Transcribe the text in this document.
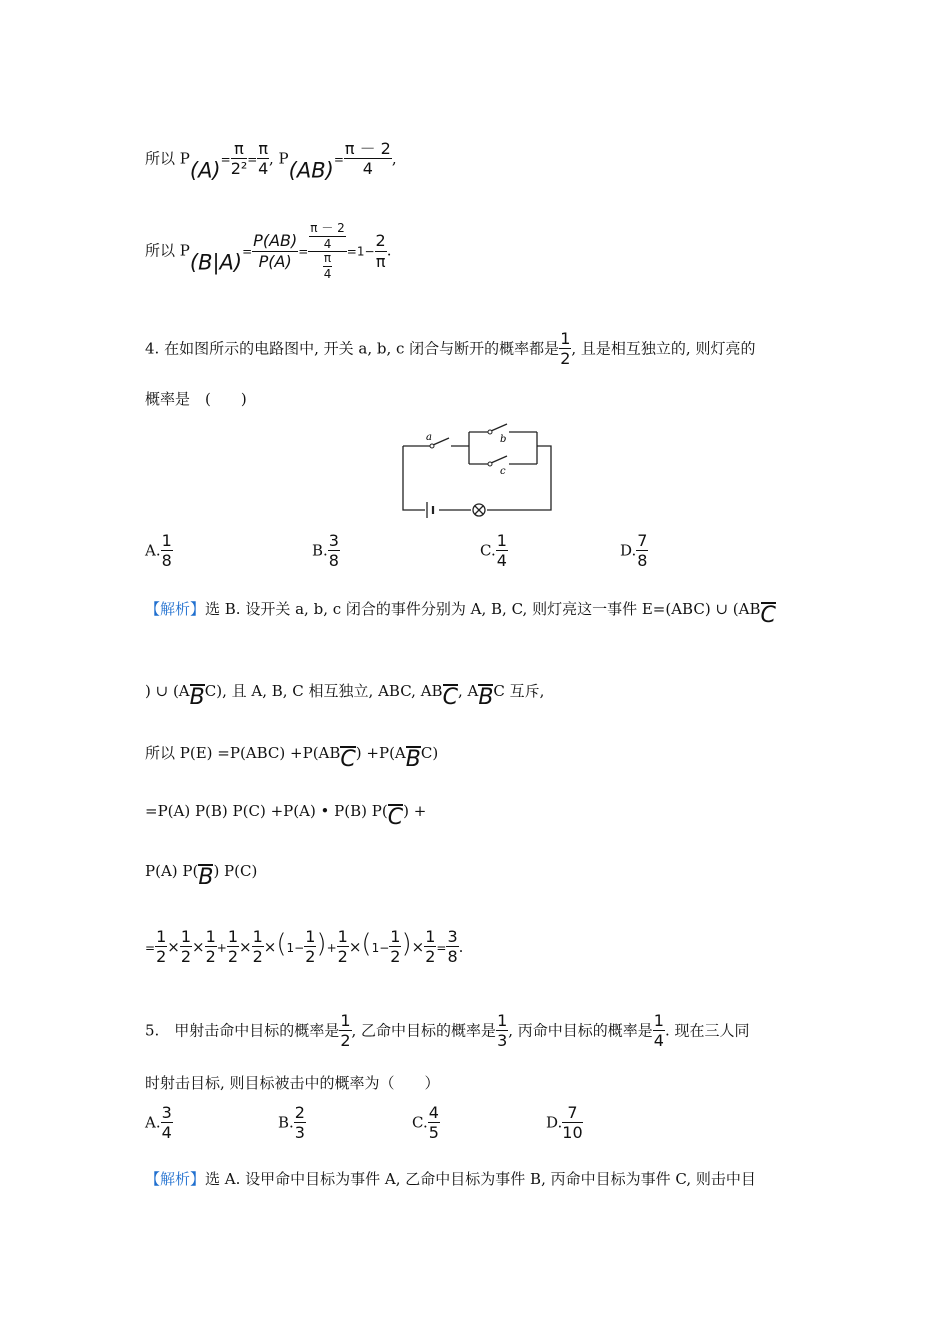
所以 $P(A)= \frac{\pi}{\text{2²}} = \frac{\pi}{4}$ , $P(AB)= \frac{\pi - 2}{4}$ ,
所以 $P(B|A)= \frac{P(AB)}{P(A)} = \frac{\frac{\pi - 2}{4}}{\frac{\pi}{4}} =1- \frac{2}{\pi}$ .
4. 在如图所示的电路图中, 开关 a, b, c 闭合与断开的概率都是 $\frac{1}{2}$ , 且是相互独立的, 则灯亮的
概率是　(　　)
a	b
c
A. $\frac{1}{8}$	B. $\frac{3}{8}$	C. $\frac{1}{4}$	D. $\frac{7}{8}$
【解析】选 B. 设开关 a, b, c 闭合的事件分别为 A, B, C, 则灯亮这一事件 E=(ABC) ∪ (ABC
) ∪ (ABC), 且 A, B, C 相互独立, ABC, ABC, ABC 互斥,
所以 P(E) =P(ABC) +P(ABC) +P(ABC)
=P(A) P(B) P(C) +P(A) • P(B) P(C) +
P(A) P(B) P(C)
= $\frac{1}{2} \times \frac{1}{2} \times \frac{1}{2} + \frac{1}{2} \times \frac{1}{2} \times(1- \frac{1}{2}$ )+ $\frac{1}{2} \times(1- \frac{1}{2}$ )× $\frac{1}{2} = \frac{3}{8}$ .
5.　甲射击命中目标的概率是 $\frac{1}{2}$ , 乙命中目标的概率是 $\frac{1}{3}$ , 丙命中目标的概率是 $\frac{1}{4}$ . 现在三人同
时射击目标, 则目标被击中的概率为（　　）
A. $\frac{3}{4}$	B. $\frac{2}{3}$	C. $\frac{4}{5}$	D. $\frac{7}{10}$
【解析】选 A. 设甲命中目标为事件 A, 乙命中目标为事件 B, 丙命中目标为事件 C, 则击中目
